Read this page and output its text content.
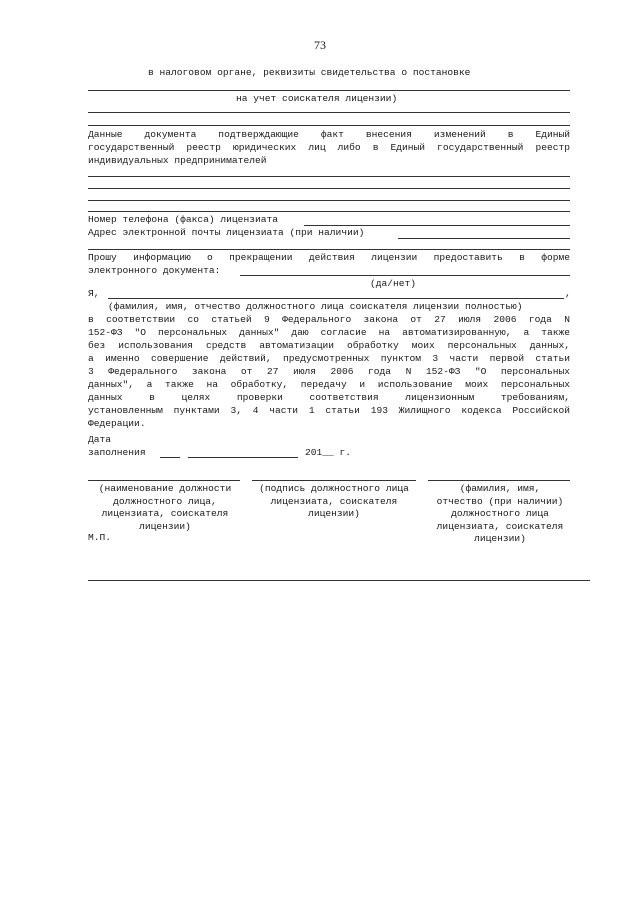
73
в налоговом органе, реквизиты свидетельства о постановке
на учет соискателя лицензии)
Данные документа подтверждающие факт внесения изменений в Единый
государственный реестр юридических лиц либо в Единый государственный реестр
индивидуальных предпринимателей
Номер телефона (факса) лицензиата
Адрес электронной почты лицензиата (при наличии)
Прошу информацию о прекращении действия лицензии предоставить в форме
электронного документа:
(да/нет)
Я,	,
(фамилия, имя, отчество должностного лица соискателя лицензии полностью)
в соответствии со статьей 9 Федерального закона от 27 июля 2006 года N
152-ФЗ "О персональных данных" даю согласие на автоматизированную, а также
без использования средств автоматизации обработку моих персональных данных,
а именно совершение действий, предусмотренных пунктом 3 части первой статьи
3 Федерального закона от 27 июля 2006 года N 152-ФЗ "О персональных
данных", а также на обработку, передачу и использование моих персональных
данных в целях проверки соответствия лицензионным требованиям,
установленным пунктами 3, 4 части 1 статьи 193 Жилищного кодекса Российской
Федерации.
Дата
заполнения	201__ г.
(наименование должности
должностного лица,
лицензиата, соискателя
лицензии)
(подпись должностного лица
лицензиата, соискателя
лицензии)
(фамилия, имя,
отчество (при наличии)
должностного лица
лицензиата, соискателя
лицензии)
М.П.
